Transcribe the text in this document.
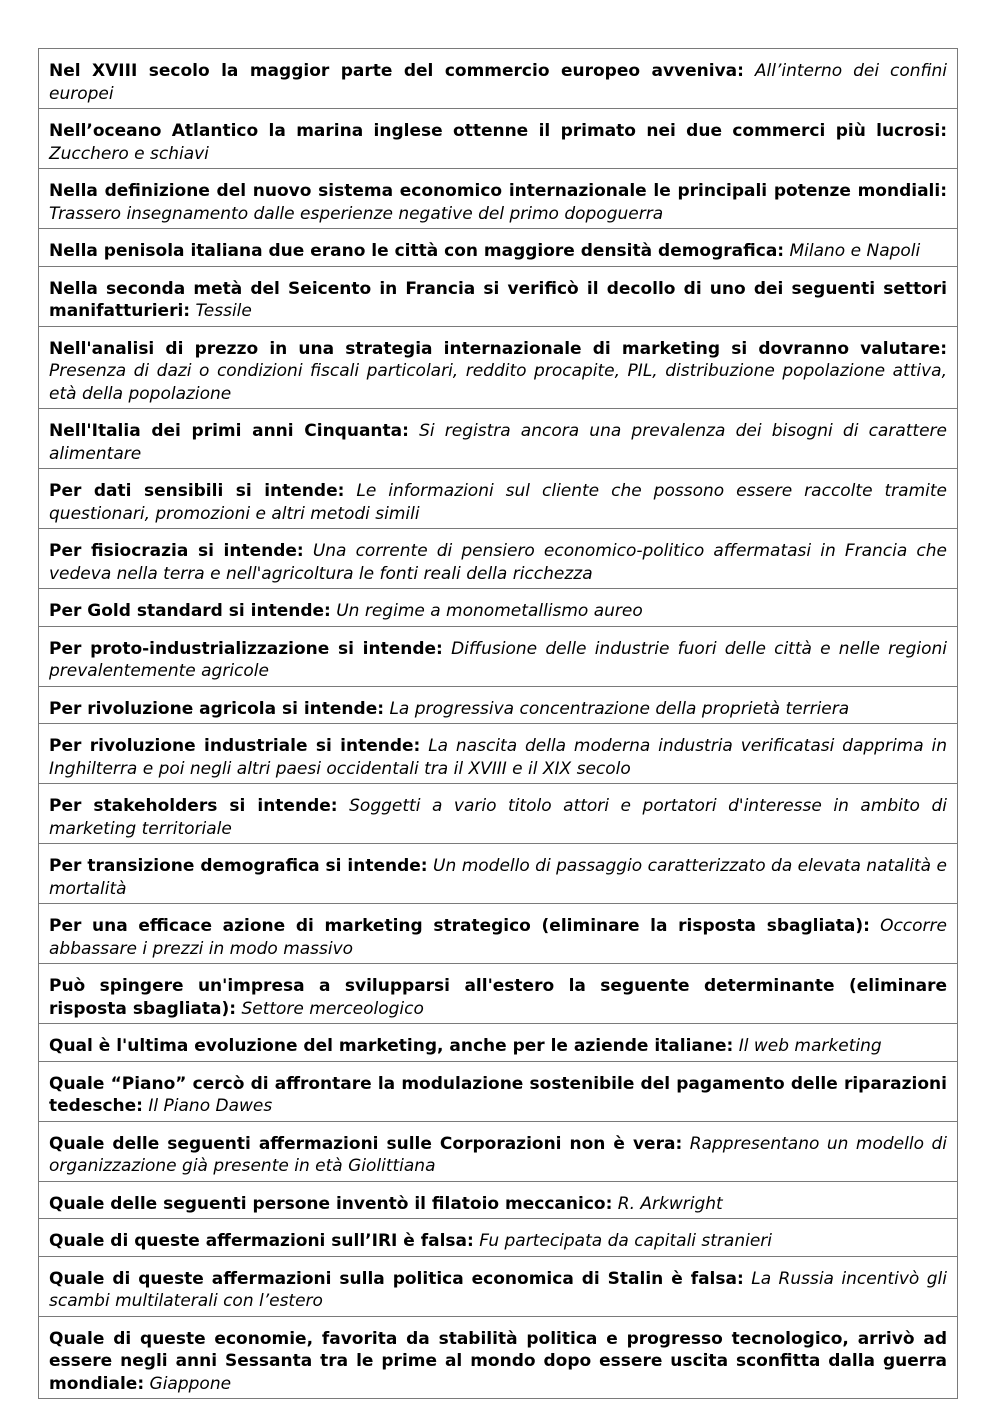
Nel XVIII secolo la maggior parte del commercio europeo avveniva: All’interno dei confini europei
Nell’oceano Atlantico la marina inglese ottenne il primato nei due commerci più lucrosi: Zucchero e schiavi
Nella definizione del nuovo sistema economico internazionale le principali potenze mondiali: Trassero insegnamento dalle esperienze negative del primo dopoguerra
Nella penisola italiana due erano le città con maggiore densità demografica: Milano e Napoli
Nella seconda metà del Seicento in Francia si verificò il decollo di uno dei seguenti settori manifatturieri: Tessile
Nell'analisi di prezzo in una strategia internazionale di marketing si dovranno valutare: Presenza di dazi o condizioni fiscali particolari, reddito procapite, PIL, distribuzione popolazione attiva, età della popolazione
Nell'Italia dei primi anni Cinquanta: Si registra ancora una prevalenza dei bisogni di carattere alimentare
Per dati sensibili si intende: Le informazioni sul cliente che possono essere raccolte tramite questionari, promozioni e altri metodi simili
Per fisiocrazia si intende: Una corrente di pensiero economico-politico affermatasi in Francia che vedeva nella terra e nell'agricoltura le fonti reali della ricchezza
Per Gold standard si intende: Un regime a monometallismo aureo
Per proto-industrializzazione si intende: Diffusione delle industrie fuori delle città e nelle regioni prevalentemente agricole
Per rivoluzione agricola si intende: La progressiva concentrazione della proprietà terriera
Per rivoluzione industriale si intende: La nascita della moderna industria verificatasi dapprima in Inghilterra e poi negli altri paesi occidentali tra il XVIII e il XIX secolo
Per stakeholders si intende: Soggetti a vario titolo attori e portatori d'interesse in ambito di marketing territoriale
Per transizione demografica si intende: Un modello di passaggio caratterizzato da elevata natalità e mortalità
Per una efficace azione di marketing strategico (eliminare la risposta sbagliata): Occorre abbassare i prezzi in modo massivo
Può spingere un'impresa a svilupparsi all'estero la seguente determinante (eliminare risposta sbagliata): Settore merceologico
Qual è l'ultima evoluzione del marketing, anche per le aziende italiane: Il web marketing
Quale “Piano” cercò di affrontare la modulazione sostenibile del pagamento delle riparazioni tedesche: Il Piano Dawes
Quale delle seguenti affermazioni sulle Corporazioni non è vera: Rappresentano un modello di organizzazione già presente in età Giolittiana
Quale delle seguenti persone inventò il filatoio meccanico: R. Arkwright
Quale di queste affermazioni sull’IRI è falsa: Fu partecipata da capitali stranieri
Quale di queste affermazioni sulla politica economica di Stalin è falsa: La Russia incentivò gli scambi multilaterali con l’estero
Quale di queste economie, favorita da stabilità politica e progresso tecnologico, arrivò ad essere negli anni Sessanta tra le prime al mondo dopo essere uscita sconfitta dalla guerra mondiale: Giappone
